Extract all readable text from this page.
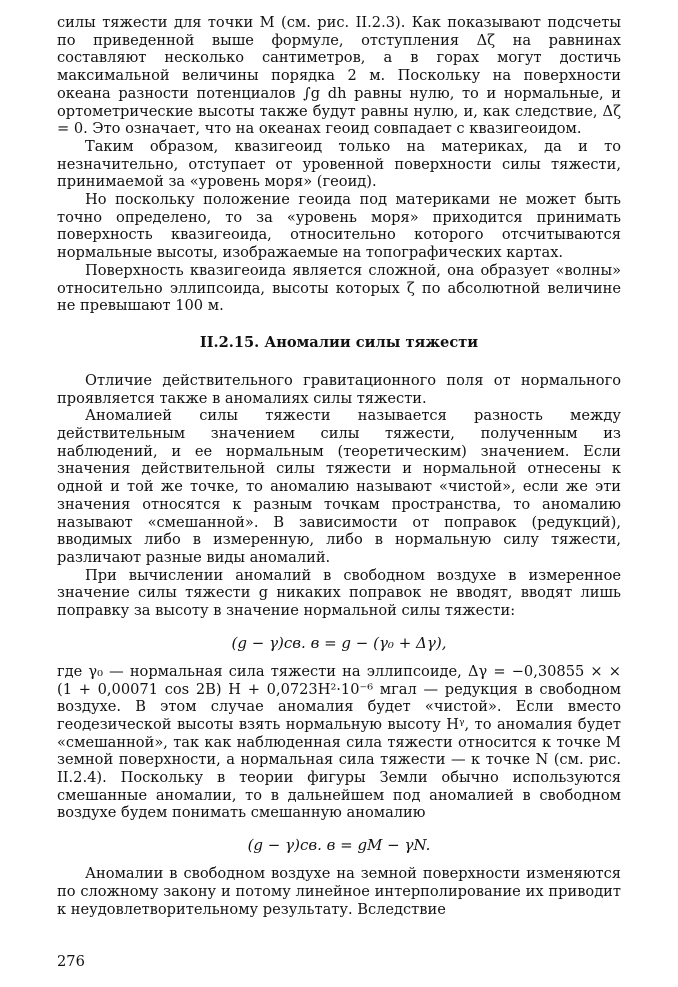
силы тяжести для точки M (см. рис. II.2.3). Как показывают подсчеты по приведенной выше формуле, отступления Δζ на равнинах составляют несколько сантиметров, а в горах могут достичь максимальной величины порядка 2 м. Поскольку на поверхности океана разности потенциалов ∫g dh равны нулю, то и нормальные, и ортометрические высоты также будут равны нулю, и, как следствие, Δζ = 0. Это означает, что на океанах геоид совпадает с квазигеоидом.

Таким образом, квазигеоид только на материках, да и то незначительно, отступает от уровенной поверхности силы тяжести, принимаемой за «уровень моря» (геоид).

Но поскольку положение геоида под материками не может быть точно определено, то за «уровень моря» приходится принимать поверхность квазигеоида, относительно которого отсчитываются нормальные высоты, изображаемые на топографических картах.

Поверхность квазигеоида является сложной, она образует «волны» относительно эллипсоида, высоты которых ζ по абсолютной величине не превышают 100 м.

II.2.15. Аномалии силы тяжести

Отличие действительного гравитационного поля от нормального проявляется также в аномалиях силы тяжести.

Аномалией силы тяжести называется разность между действительным значением силы тяжести, полученным из наблюдений, и ее нормальным (теоретическим) значением. Если значения действительной силы тяжести и нормальной отнесены к одной и той же точке, то аномалию называют «чистой», если же эти значения относятся к разным точкам пространства, то аномалию называют «смешанной». В зависимости от поправок (редукций), вводимых либо в измеренную, либо в нормальную силу тяжести, различают разные виды аномалий.

При вычислении аномалий в свободном воздухе в измеренное значение силы тяжести g никаких поправок не вводят, вводят лишь поправку за высоту в значение нормальной силы тяжести:

(g − γ)св. в = g − (γ₀ + Δγ),

где γ₀ — нормальная сила тяжести на эллипсоиде, Δγ = −0,30855 × × (1 + 0,00071 cos 2B) H + 0,0723H²·10⁻⁶ мгал — редукция в свободном воздухе. В этом случае аномалия будет «чистой». Если вместо геодезической высоты взять нормальную высоту Hᵞ, то аномалия будет «смешанной», так как наблюденная сила тяжести относится к точке M земной поверхности, а нормальная сила тяжести — к точке N (см. рис. II.2.4). Поскольку в теории фигуры Земли обычно используются смешанные аномалии, то в дальнейшем под аномалией в свободном воздухе будем понимать смешанную аномалию

(g − γ)св. в = gM − γN.

Аномалии в свободном воздухе на земной поверхности изменяются по сложному закону и потому линейное интерполирование их приводит к неудовлетворительному результату. Вследствие

276
